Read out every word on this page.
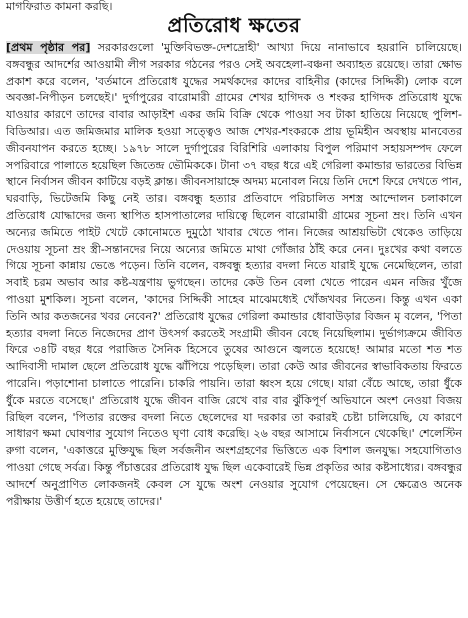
মাগফিরাত কামনা করছি।
প্রতিরোধ ক্ষতের
[প্রথম পৃষ্ঠার পর] সরকারগুলো 'মুক্তিবিভক্ত-দেশদ্রোহী' আখ্যা দিয়ে নানাভাবে হয়রানি চালিয়েছে। বঙ্গবন্ধুর আদর্শের আওয়ামী লীগ সরকার গঠনের পরও সেই অবহেলা-বঞ্চনা অব্যাহত রয়েছে। তারা ক্ষোভ প্রকাশ করে বলেন, 'বর্তমানে প্রতিরোধ যুদ্ধের সমর্থকদের কাদের বাহিনীর (কাদের সিদ্দিকী) লোক বলে অবজ্ঞা-নিপীড়ন চলছেই।' দুর্গাপুরের বারোমারী গ্রামের শেখর হাগিদক ও শংকর হাগিদক প্রতিরোধ যুদ্ধে যাওয়ার কারণে তাদের বাবার আড়াইশ একর জমি বিক্রি থেকে পাওয়া সব টাকা হাতিয়ে নিয়েছে পুলিশ-বিডিআর। এত জমিজমার মালিক হওয়া সত্ত্বেও আজ শেখর-শংকরকে প্রায় ভূমিহীন অবস্থায় মানবেতর জীবনযাপন করতে হচ্ছে। ১৯৭৮ সালে দুর্গাপুরের বিরিশিরি এলাকায় বিপুল পরিমাণ সহায়সম্পদ ফেলে সপরিবারে পালাতে হয়েছিল জিতেন্দ্র ভৌমিককে। টানা ৩৭ বছর ধরে এই গেরিলা কমান্ডার ভারতের বিভিন্ন স্থানে নির্বাসন জীবন কাটিয়ে বড়ই ক্লান্ত। জীবনসায়াহ্নে অদম্য মনোবল নিয়ে তিনি দেশে ফিরে দেখতে পান, ঘরবাড়ি, ভিটেজমি কিছু নেই তার। বঙ্গবন্ধু হত্যার প্রতিবাদে পরিচালিত সশস্ত্র আন্দোলন চলাকালে প্রতিরোধ যোদ্ধাদের জন্য স্থাপিত হাসপাতালের দায়িত্বে ছিলেন বারোমারী গ্রামের সূচনা ম্রং। তিনি এখন অন্যের জমিতে পাইট খেটে কোনোমতে দুমুঠো খাবার খেতে পান। নিজের আশ্রয়ভিটা থেকেও তাড়িয়ে দেওয়ায় সূচনা ম্রং স্ত্রী-সন্তানদের নিয়ে অন্যের জমিতে মাথা গোঁজার ঠাঁই করে নেন। দুঃখের কথা বলতে গিয়ে সূচনা কান্নায় ভেঙে পড়েন। তিনি বলেন, বঙ্গবন্ধু হত্যার বদলা নিতে যারাই যুদ্ধে নেমেছিলেন, তারা সবাই চরম অভাব আর কষ্ট-যন্ত্রণায় ভুগছেন। তাদের কেউ তিন বেলা খেতে পারেন এমন নজির খুঁজে পাওয়া মুশকিল। সূচনা বলেন, 'কাদের সিদ্দিকী সাহেব মাঝেমধ্যেই খোঁজখবর নিতেন। কিন্তু এখন একা তিনি আর কতজনের খবর নেবেন?' প্রতিরোধ যুদ্ধের গেরিলা কমান্ডার ধোবাউড়ার বিজন মৃ বলেন, 'পিতা হত্যার বদলা নিতে নিজেদের প্রাণ উৎসর্গ করতেই সংগ্রামী জীবন বেছে নিয়েছিলাম। দুর্ভাগ্যক্রমে জীবিত ফিরে ৩৪টি বছর ধরে পরাজিত সৈনিক হিসেবে তুষের আগুনে জ্বলতে হয়েছে! আমার মতো শত শত আদিবাসী দামাল ছেলে প্রতিরোধ যুদ্ধে ঝাঁপিয়ে পড়েছিল। তারা কেউ আর জীবনের স্বাভাবিকতায় ফিরতে পারেনি। পড়াশোনা চালাতে পারেনি। চাকরি পায়নি। তারা ধ্বংস হয়ে গেছে। যারা বেঁচে আছে, তারা ধুঁকে ধুঁকে মরতে বসেছে।' প্রতিরোধ যুদ্ধে জীবন বাজি রেখে বার বার ঝুঁকিপূর্ণ অভিযানে অংশ নেওয়া বিজয় রিছিল বলেন, 'পিতার রক্তের বদলা নিতে ছেলেদের যা দরকার তা করারই চেষ্টা চালিয়েছি, যে কারণে সাধারণ ক্ষমা ঘোষণার সুযোগ নিতেও ঘৃণা বোধ করেছি। ২৬ বছর আসামে নির্বাসনে থেকেছি।' শেলেস্টিন রুগা বলেন, 'একাত্তরে মুক্তিযুদ্ধ ছিল সর্বজনীন অংশগ্রহণের ভিত্তিতে এক বিশাল জনযুদ্ধ। সহযোগিতাও পাওয়া গেছে সর্বত্র। কিন্তু পঁচাত্তরের প্রতিরোধ যুদ্ধ ছিল একেবারেই ভিন্ন প্রকৃতির আর কষ্টসাধ্যের। বঙ্গবন্ধুর আদর্শে অনুপ্রাণিত লোকজনই কেবল সে যুদ্ধে অংশ নেওয়ার সুযোগ পেয়েছেন। সে ক্ষেত্রেও অনেক পরীক্ষায় উত্তীর্ণ হতে হয়েছে তাদের।'
